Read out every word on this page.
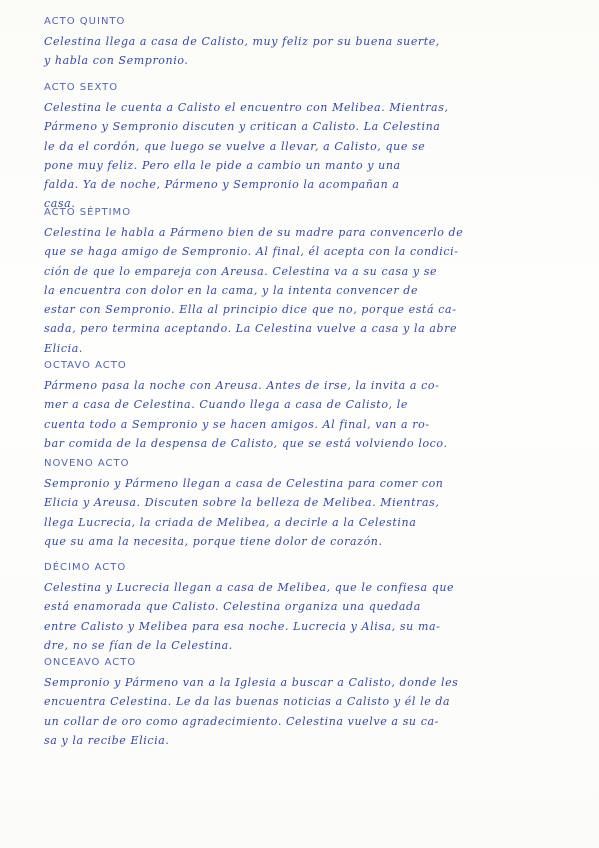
ACTO QUINTO
Celestina llega a casa de Calisto, muy feliz por su buena suerte,
y habla con Sempronio.
ACTO SEXTO
Celestina le cuenta a Calisto el encuentro con Melibea. Mientras,
Pármeno y Sempronio discuten y critican a Calisto. La Celestina
le da el cordón, que luego se vuelve a llevar, a Calisto, que se
pone muy feliz. Pero ella le pide a cambio un manto y una
falda. Ya de noche, Pármeno y Sempronio la acompañan a
casa.
ACTO SÉPTIMO
Celestina le habla a Pármeno bien de su madre para convencerlo de
que se haga amigo de Sempronio. Al final, él acepta con la condici-
ción de que lo empareja con Areusa. Celestina va a su casa y se
la encuentra con dolor en la cama, y la intenta convencer de
estar con Sempronio. Ella al principio dice que no, porque está ca-
sada, pero termina aceptando. La Celestina vuelve a casa y la abre
Elicia.
OCTAVO ACTO
Pármeno pasa la noche con Areusa. Antes de irse, la invita a co-
mer a casa de Celestina. Cuando llega a casa de Calisto, le
cuenta todo a Sempronio y se hacen amigos. Al final, van a ro-
bar comida de la despensa de Calisto, que se está volviendo loco.
NOVENO ACTO
Sempronio y Pármeno llegan a casa de Celestina para comer con
Elicia y Areusa. Discuten sobre la belleza de Melibea. Mientras,
llega Lucrecia, la criada de Melibea, a decirle a la Celestina
que su ama la necesita, porque tiene dolor de corazón.
DÉCIMO ACTO
Celestina y Lucrecia llegan a casa de Melibea, que le confiesa que
está enamorada que Calisto. Celestina organiza una quedada
entre Calisto y Melibea para esa noche. Lucrecia y Alisa, su ma-
dre, no se fían de la Celestina.
ONCEAVO ACTO
Sempronio y Pármeno van a la Iglesia a buscar a Calisto, donde les
encuentra Celestina. Le da las buenas noticias a Calisto y él le da
un collar de oro como agradecimiento. Celestina vuelve a su ca-
sa y la recibe Elicia.
